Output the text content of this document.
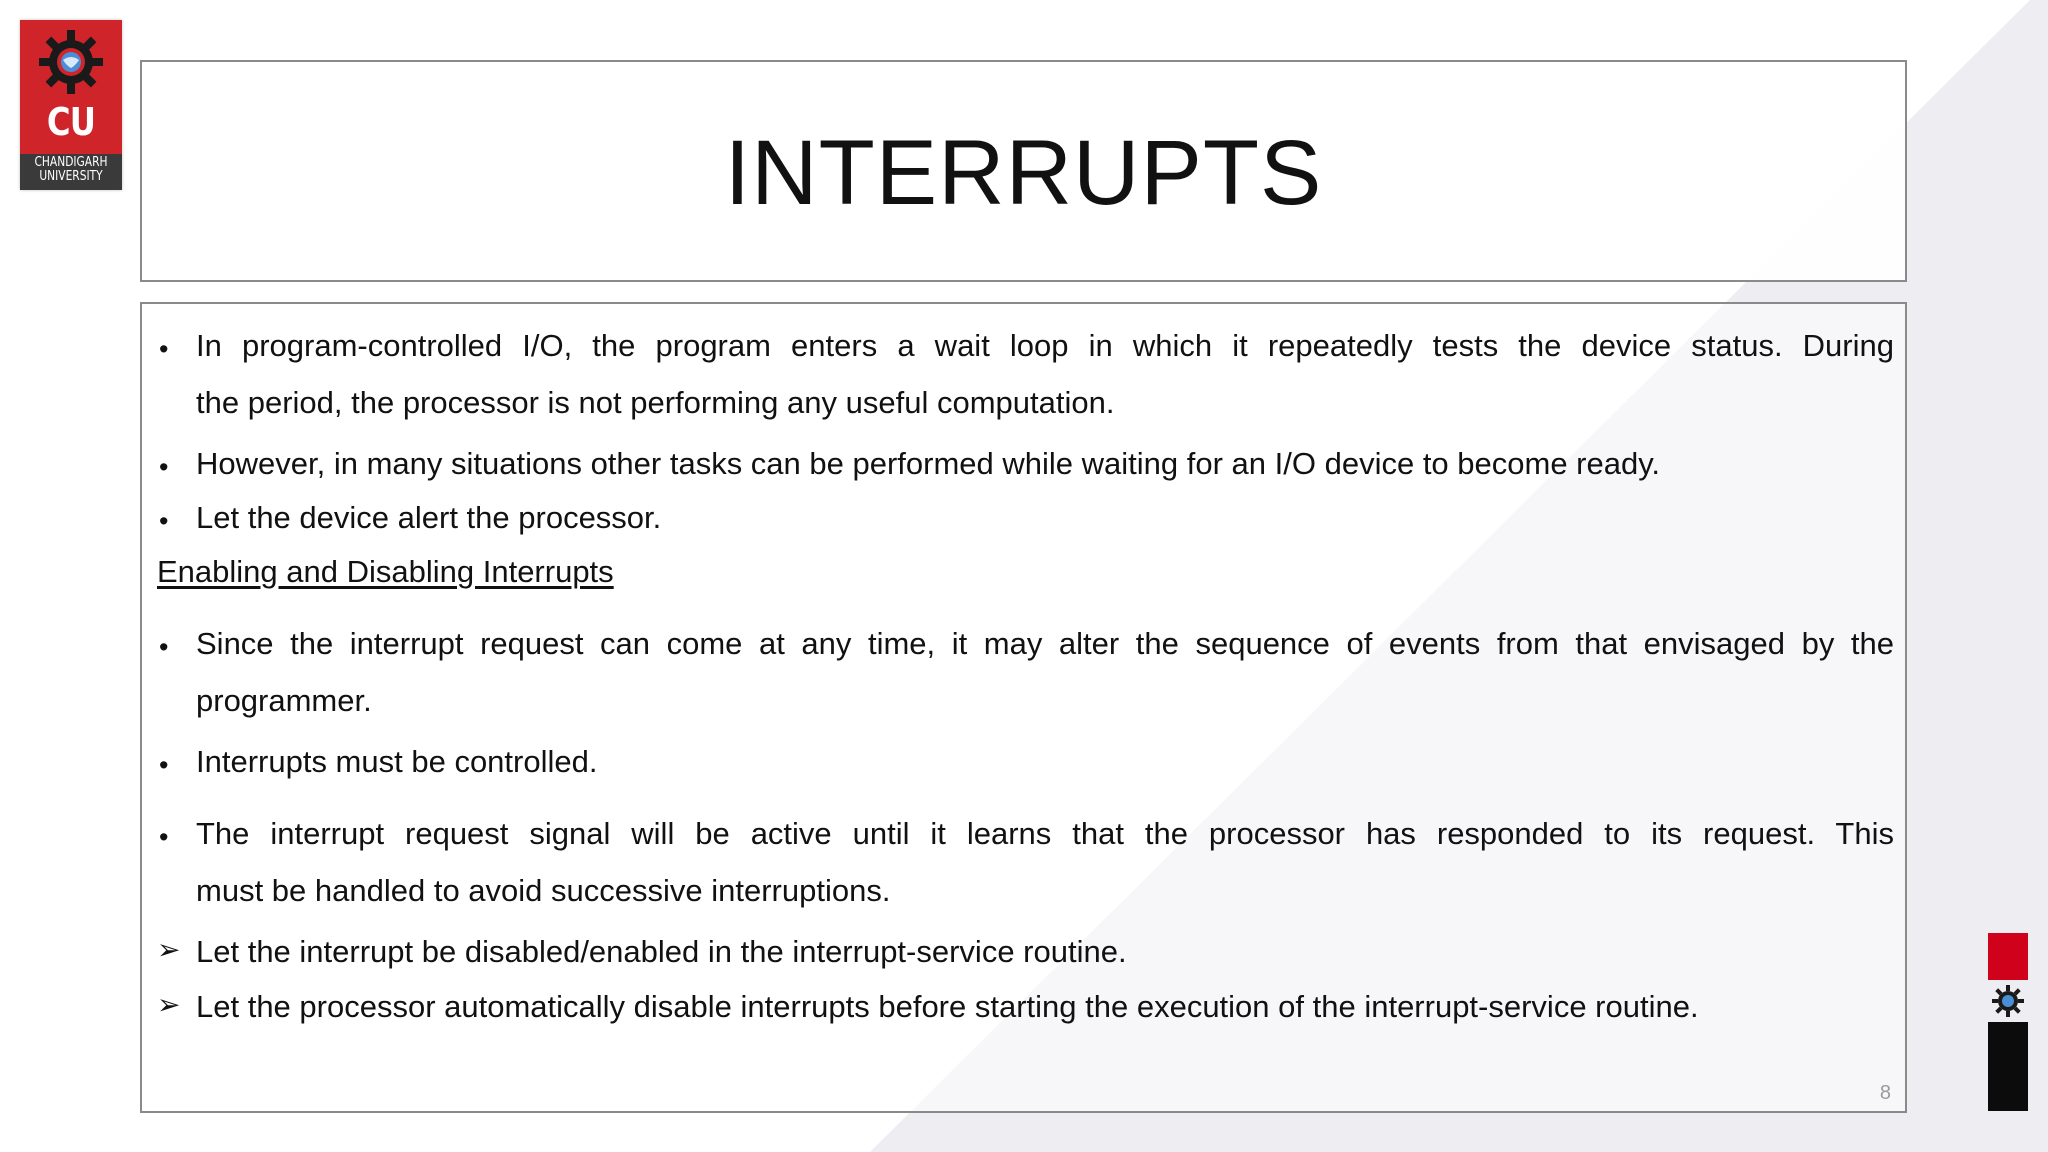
CU
CHANDIGARH
UNIVERSITY	INTERRUPTS
• In program-controlled I/O, the program enters a wait loop in which it repeatedly tests the device status. During
the period, the processor is not performing any useful computation.
• However, in many situations other tasks can be performed while waiting for an I/O device to become ready.
• Let the device alert the processor.
Enabling and Disabling Interrupts
• Since the interrupt request can come at any time, it may alter the sequence of events from that envisaged by the
programmer.
• Interrupts must be controlled.
• The interrupt request signal will be active until it learns that the processor has responded to its request. This
must be handled to avoid successive interruptions.
➢ Let the interrupt be disabled/enabled in the interrupt-service routine.
➢ Let the processor automatically disable interrupts before starting the execution of the interrupt-service routine.
8
